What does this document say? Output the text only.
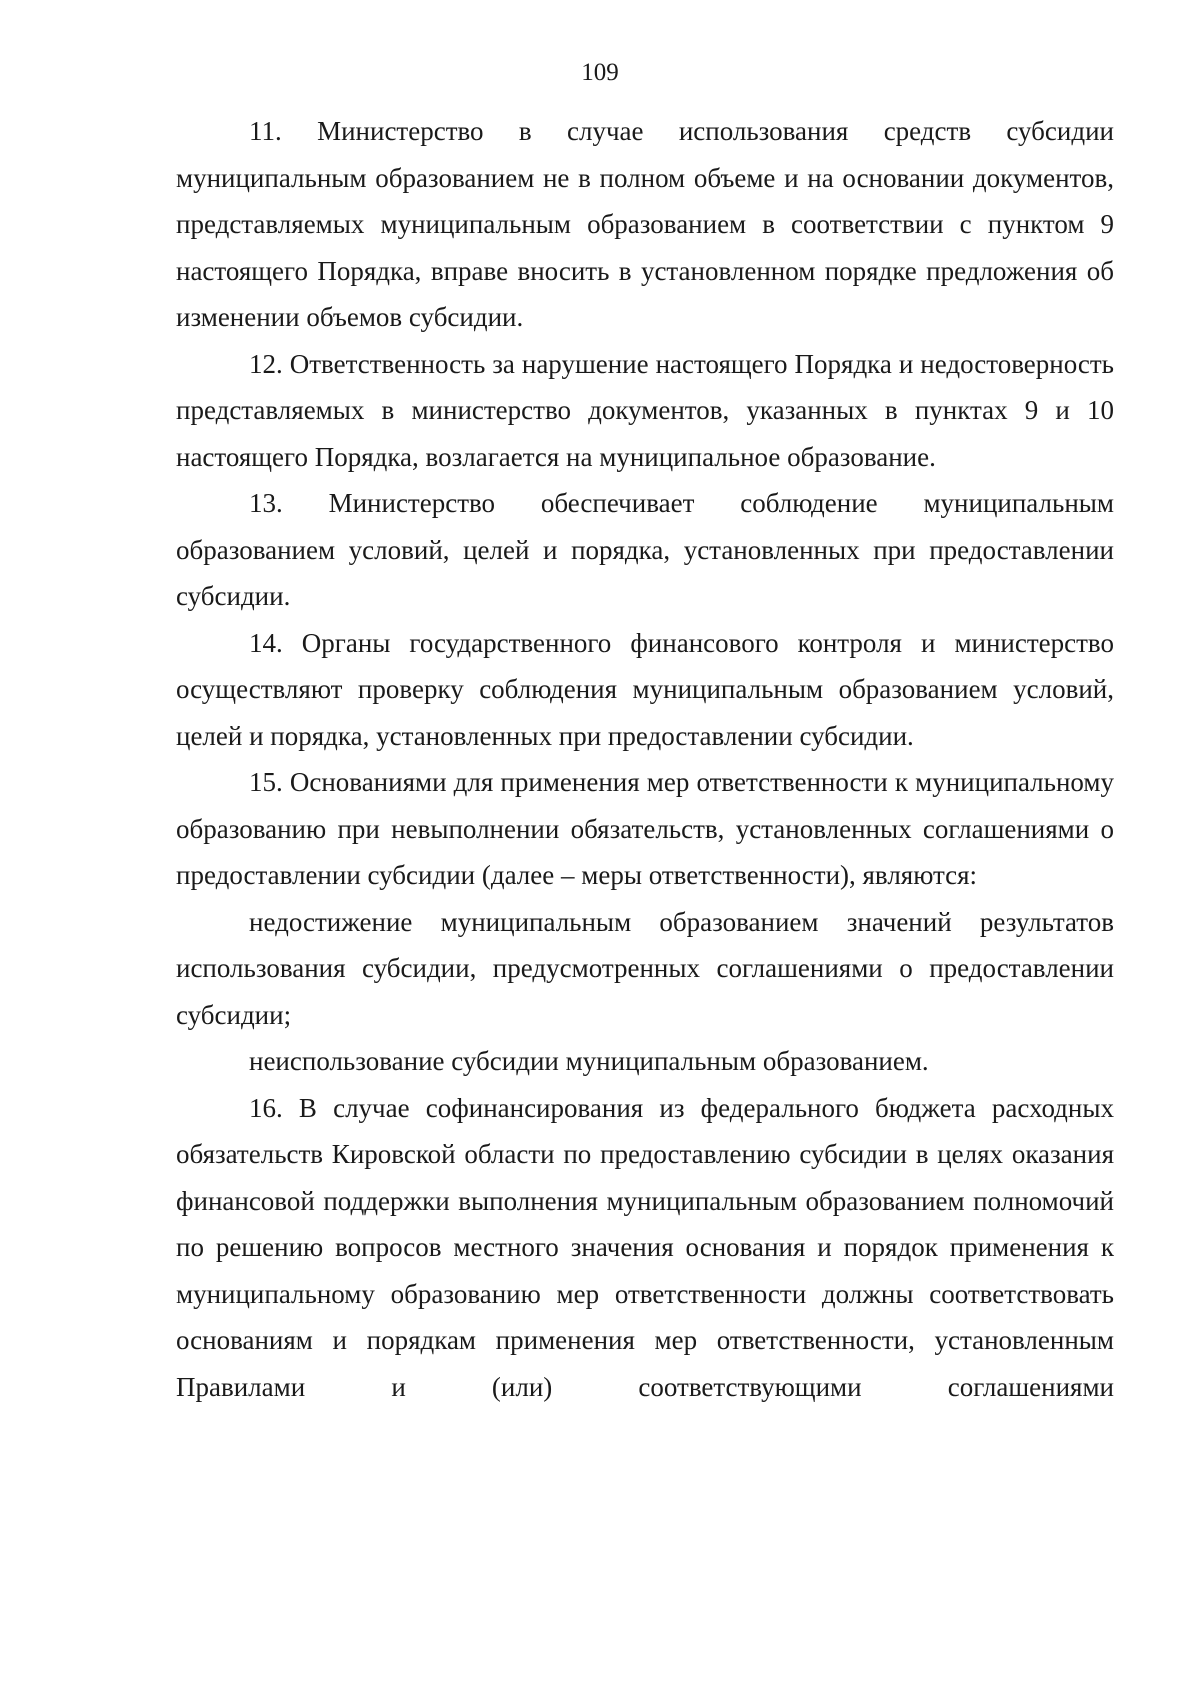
109

11. Министерство в случае использования средств субсидии муниципальным образованием не в полном объеме и на основании документов, представляемых муниципальным образованием в соответствии с пунктом 9 настоящего Порядка, вправе вносить в установленном порядке предложения об изменении объемов субсидии.

12. Ответственность за нарушение настоящего Порядка и недостоверность представляемых в министерство документов, указанных в пунктах 9 и 10 настоящего Порядка, возлагается на муниципальное образование.

13. Министерство обеспечивает соблюдение муниципальным образованием условий, целей и порядка, установленных при предоставлении субсидии.

14. Органы государственного финансового контроля и министерство осуществляют проверку соблюдения муниципальным образованием условий, целей и порядка, установленных при предоставлении субсидии.

15. Основаниями для применения мер ответственности к муниципальному образованию при невыполнении обязательств, установленных соглашениями о предоставлении субсидии (далее – меры ответственности), являются:

недостижение муниципальным образованием значений результатов использования субсидии, предусмотренных соглашениями о предоставлении субсидии;

неиспользование субсидии муниципальным образованием.

16. В случае софинансирования из федерального бюджета расходных обязательств Кировской области по предоставлению субсидии в целях оказания финансовой поддержки выполнения муниципальным образованием полномочий по решению вопросов местного значения основания и порядок применения к муниципальному образованию мер ответственности должны соответствовать основаниям и порядкам применения мер ответственности, установленным Правилами и (или) соответствующими соглашениями
